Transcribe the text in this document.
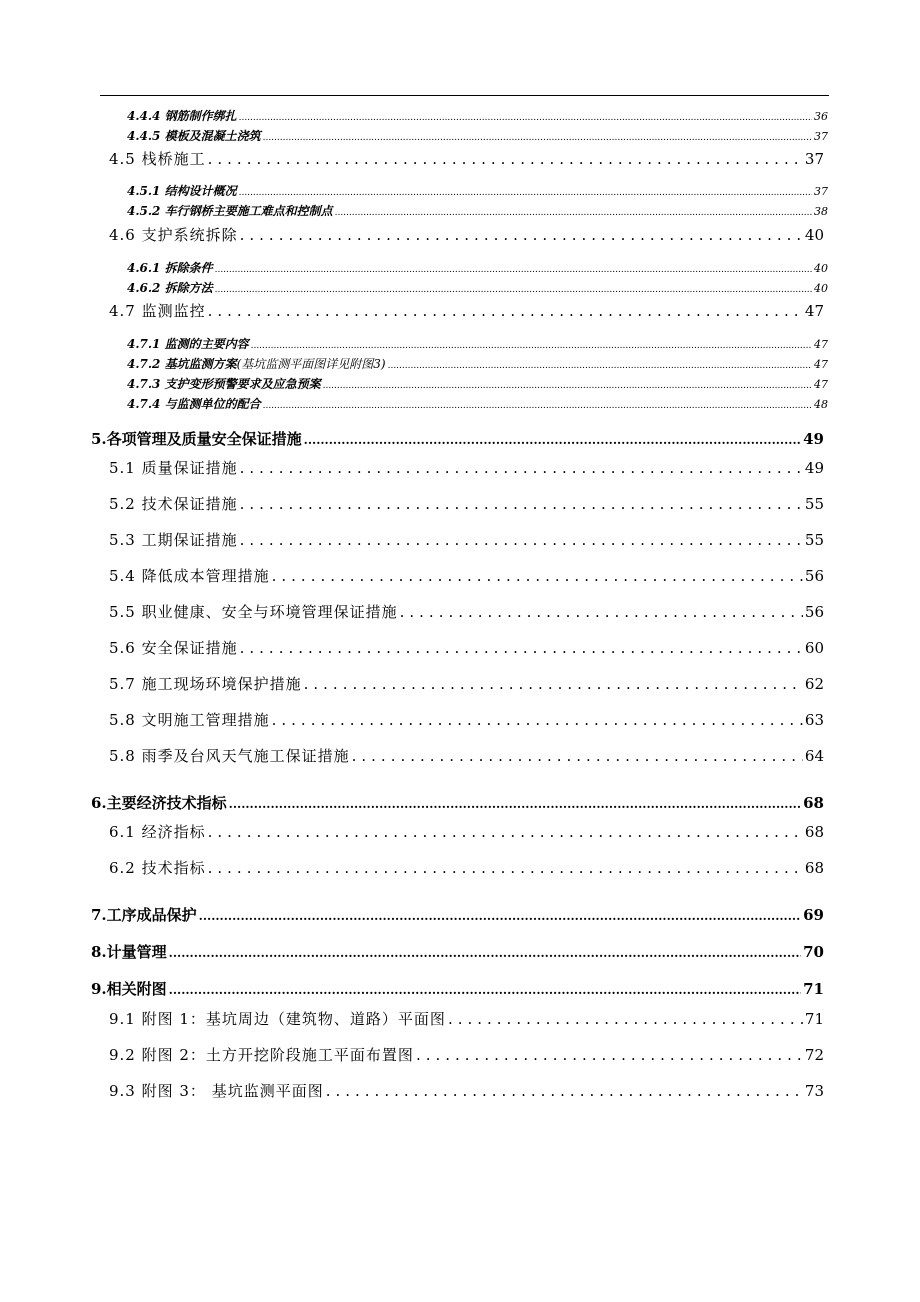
4.4.4 钢筋制作绑扎 .....	36
4.4.5 模板及混凝土浇筑 .....	37
4.5 栈桥施工 .....	37
4.5.1 结构设计概况 .....	37
4.5.2 车行钢桥主要施工难点和控制点 .....	38
4.6 支护系统拆除 .....	40
4.6.1 拆除条件 .....	40
4.6.2 拆除方法 .....	40
4.7 监测监控 .....	47
4.7.1 监测的主要内容 .....	47
4.7.2 基坑监测方案 (基坑监测平面图详见附图3) .....	47
4.7.3 支护变形预警要求及应急预案 .....	47
4.7.4 与监测单位的配合 .....	48
5.各项管理及质量安全保证措施 .....	49
5.1 质量保证措施 .....	49
5.2 技术保证措施 .....	55
5.3 工期保证措施 .....	55
5.4 降低成本管理措施 .....	56
5.5 职业健康、安全与环境管理保证措施 .....	56
5.6 安全保证措施 .....	60
5.7 施工现场环境保护措施 .....	62
5.8 文明施工管理措施 .....	63
5.8 雨季及台风天气施工保证措施 .....	64
6.主要经济技术指标 .....	68
6.1 经济指标 .....	68
6.2 技术指标 .....	68
7.工序成品保护 .....	69
8.计量管理 .....	70
9.相关附图 .....	71
9.1 附图 1：基坑周边（建筑物、道路）平面图 .....	71
9.2 附图 2：土方开挖阶段施工平面布置图 .....	72
9.3 附图 3： 基坑监测平面图 .....	73
